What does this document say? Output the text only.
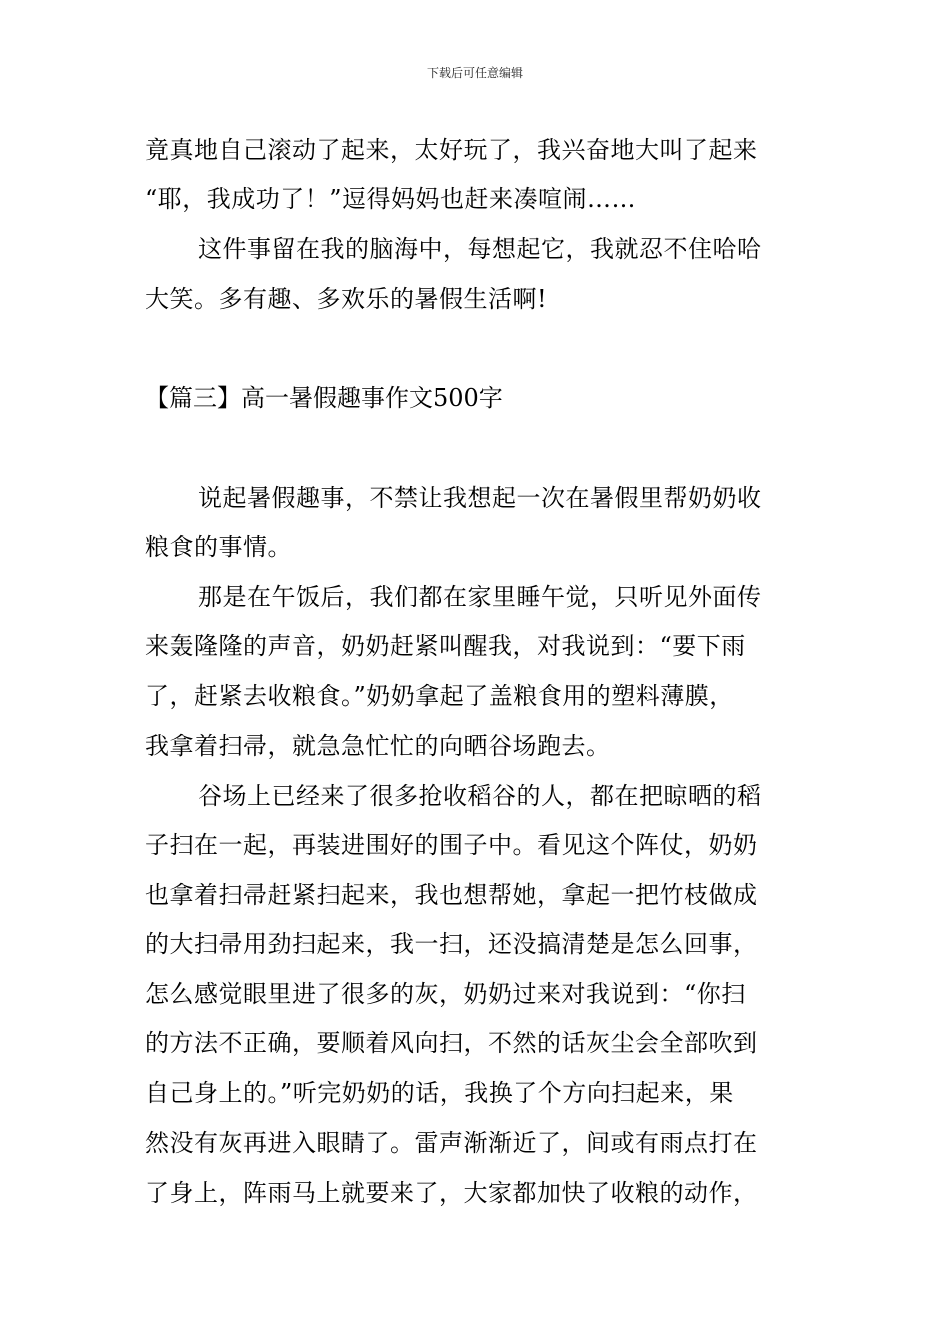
下载后可任意编辑
竟真地自己滚动了起来，太好玩了，我兴奋地大叫了起来
“耶，我成功了！”逗得妈妈也赶来凑喧闹……
这件事留在我的脑海中，每想起它，我就忍不住哈哈
大笑。多有趣、多欢乐的暑假生活啊!
【篇三】高一暑假趣事作文500字
说起暑假趣事，不禁让我想起一次在暑假里帮奶奶收
粮食的事情。
那是在午饭后，我们都在家里睡午觉，只听见外面传
来轰隆隆的声音，奶奶赶紧叫醒我，对我说到：“要下雨
了，赶紧去收粮食。”奶奶拿起了盖粮食用的塑料薄膜，
我拿着扫帚，就急急忙忙的向晒谷场跑去。
谷场上已经来了很多抢收稻谷的人，都在把晾晒的稻
子扫在一起，再装进围好的围子中。看见这个阵仗，奶奶
也拿着扫帚赶紧扫起来，我也想帮她，拿起一把竹枝做成
的大扫帚用劲扫起来，我一扫，还没搞清楚是怎么回事，
怎么感觉眼里进了很多的灰，奶奶过来对我说到：“你扫
的方法不正确，要顺着风向扫，不然的话灰尘会全部吹到
自己身上的。”听完奶奶的话，我换了个方向扫起来，果
然没有灰再进入眼睛了。雷声渐渐近了，间或有雨点打在
了身上，阵雨马上就要来了，大家都加快了收粮的动作，
